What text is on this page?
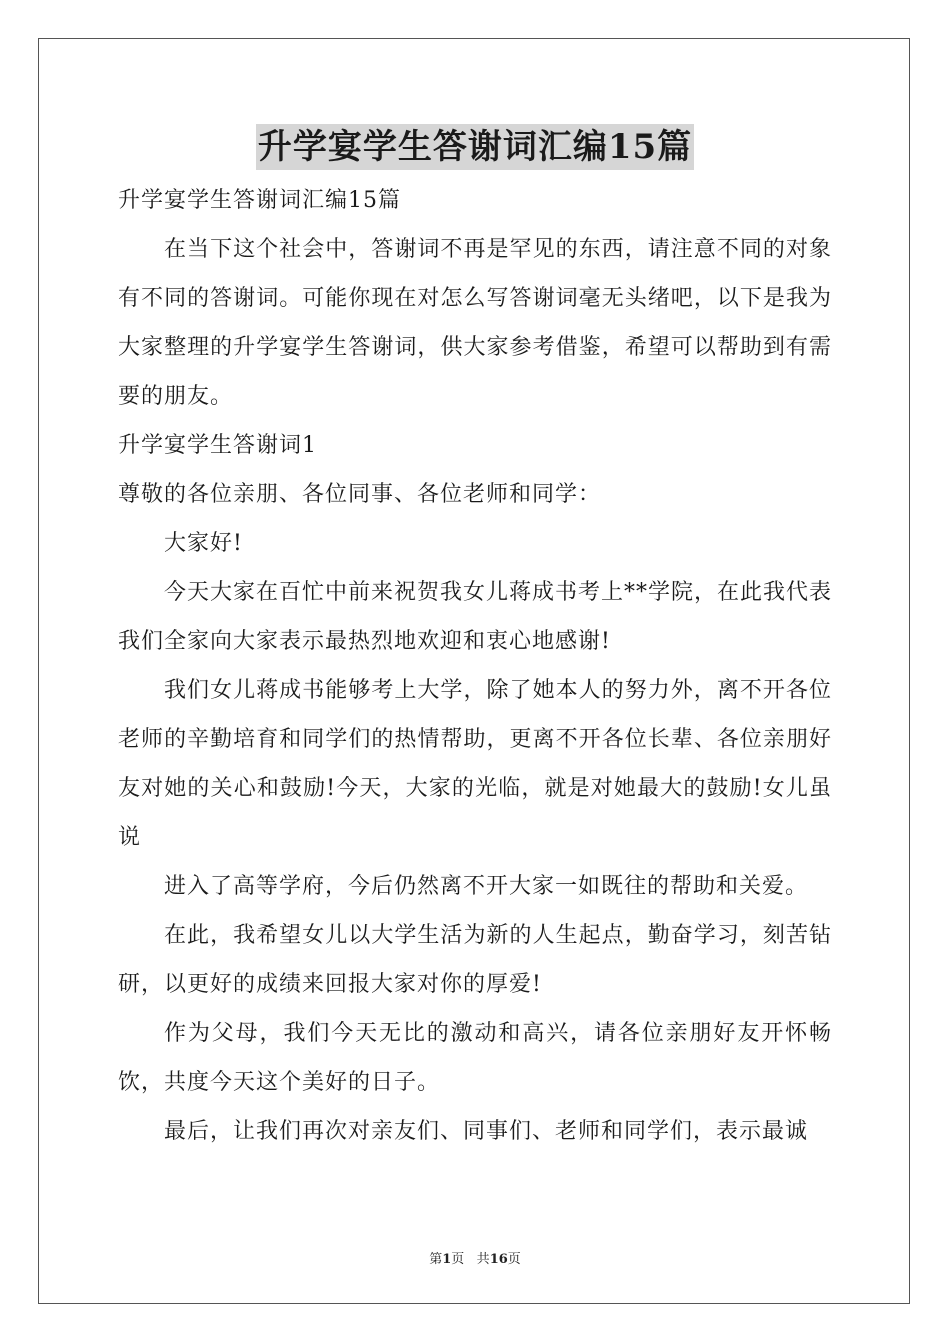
升学宴学生答谢词汇编15篇

升学宴学生答谢词汇编15篇

在当下这个社会中，答谢词不再是罕见的东西，请注意不同的对象有不同的答谢词。可能你现在对怎么写答谢词毫无头绪吧，以下是我为大家整理的升学宴学生答谢词，供大家参考借鉴，希望可以帮助到有需要的朋友。

升学宴学生答谢词1

尊敬的各位亲朋、各位同事、各位老师和同学：

大家好!

今天大家在百忙中前来祝贺我女儿蒋成书考上**学院，在此我代表我们全家向大家表示最热烈地欢迎和衷心地感谢!

我们女儿蒋成书能够考上大学，除了她本人的努力外，离不开各位老师的辛勤培育和同学们的热情帮助，更离不开各位长辈、各位亲朋好友对她的关心和鼓励!今天，大家的光临，就是对她最大的鼓励!女儿虽说

进入了高等学府，今后仍然离不开大家一如既往的帮助和关爱。

在此，我希望女儿以大学生活为新的人生起点，勤奋学习，刻苦钻研，以更好的成绩来回报大家对你的厚爱!

作为父母，我们今天无比的激动和高兴，请各位亲朋好友开怀畅饮，共度今天这个美好的日子。

最后，让我们再次对亲友们、同事们、老师和同学们，表示最诚

第1页 共16页
